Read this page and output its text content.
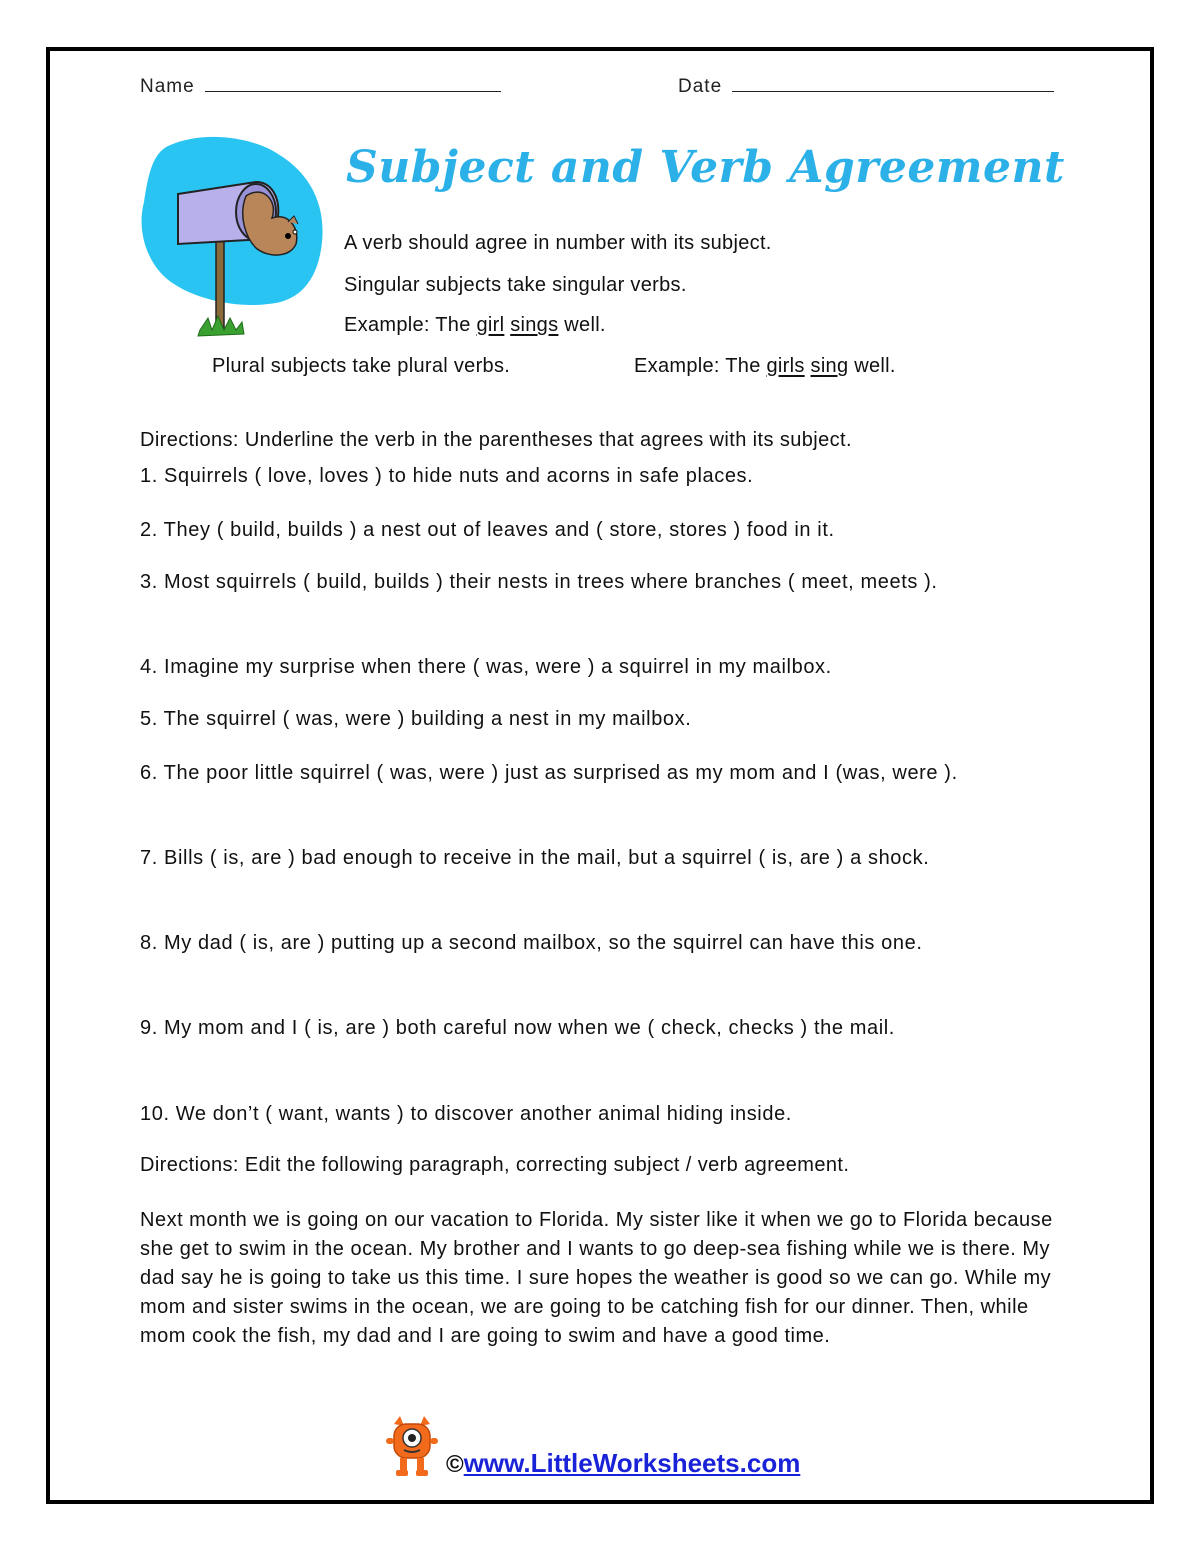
Name	Date
Subject and Verb Agreement
A verb should agree in number with its subject.
Singular subjects take singular verbs.
Example: The girl sings well.
Plural subjects take plural verbs.	Example: The girls sing well.
Directions: Underline the verb in the parentheses that agrees with its subject.
1. Squirrels ( love, loves ) to hide nuts and acorns in safe places.
2. They ( build, builds ) a nest out of leaves and ( store, stores ) food in it.
3. Most squirrels ( build, builds ) their nests in trees where branches ( meet, meets ).
4. Imagine my surprise when there ( was, were ) a squirrel in my mailbox.
5. The squirrel ( was, were ) building a nest in my mailbox.
6. The poor little squirrel ( was, were ) just as surprised as my mom and I (was, were ).
7. Bills ( is, are ) bad enough to receive in the mail, but a squirrel ( is, are ) a shock.
8. My dad ( is, are ) putting up a second mailbox, so the squirrel can have this one.
9. My mom and I ( is, are ) both careful now when we ( check, checks ) the mail.
10. We don’t ( want, wants ) to discover another animal hiding inside.
Directions: Edit the following paragraph, correcting subject / verb agreement.
Next month we is going on our vacation to Florida. My sister like it when we go to Florida because she get to swim in the ocean. My brother and I wants to go deep-sea fishing while we is there. My dad say he is going to take us this time. I sure hopes the weather is good so we can go. While my mom and sister swims in the ocean, we are going to be catching fish for our dinner. Then, while mom cook the fish, my dad and I are going to swim and have a good time.
©www.LittleWorksheets.com
